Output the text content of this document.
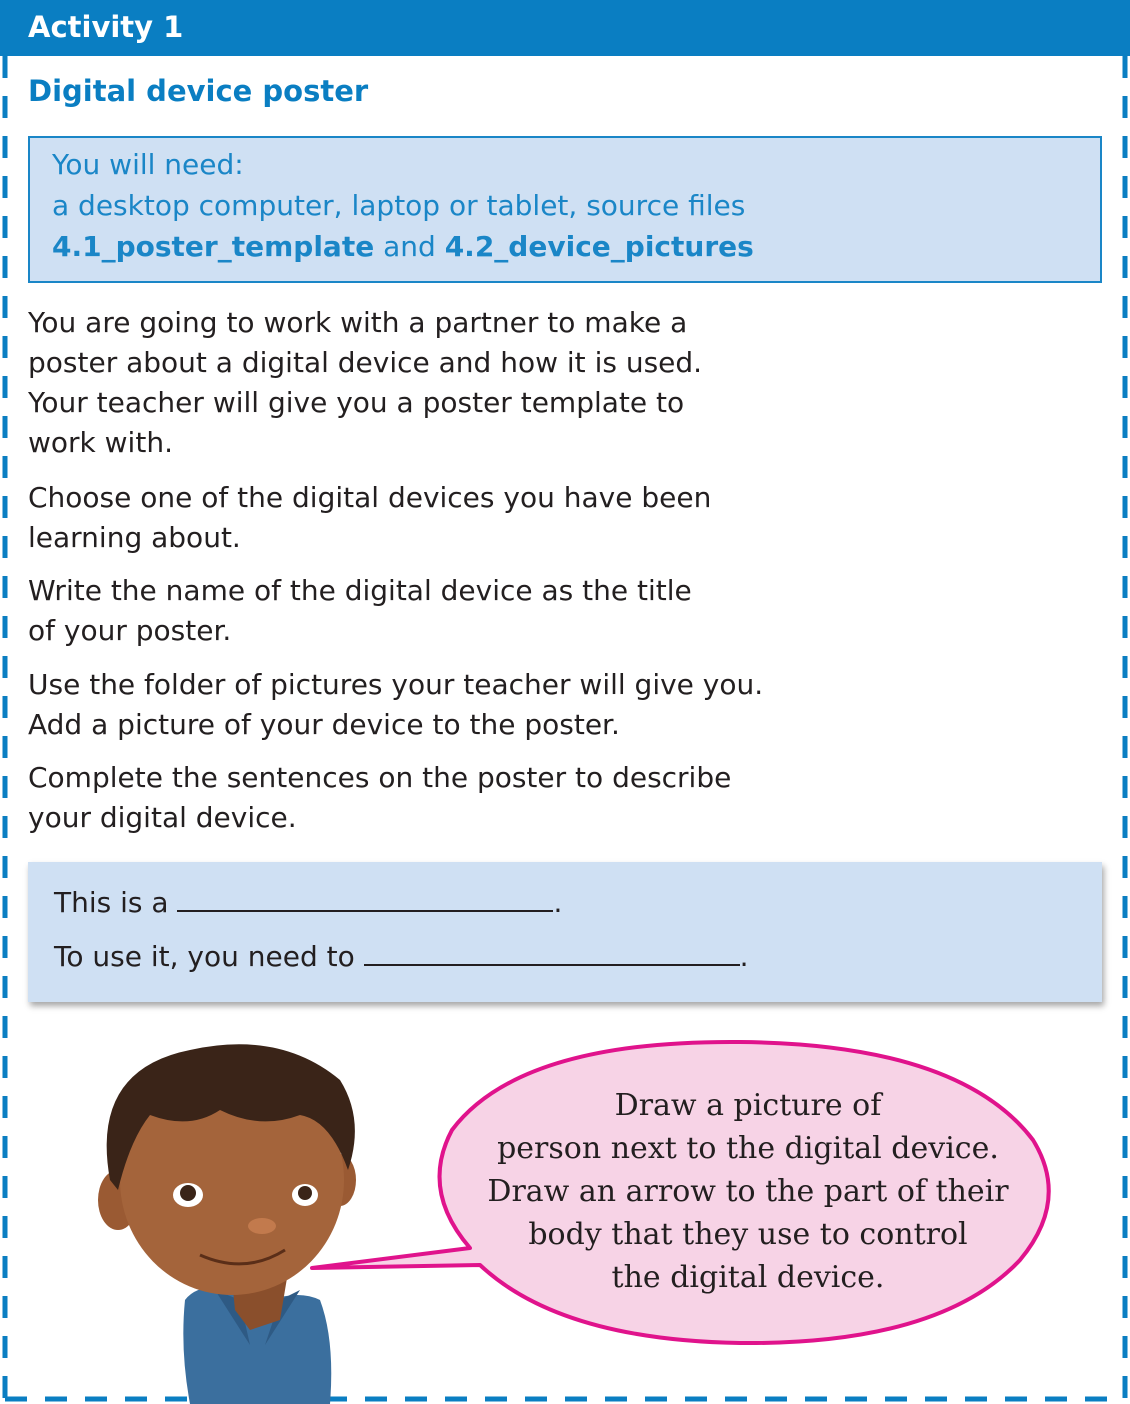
Activity 1
Digital device poster
You will need:
a desktop computer, laptop or tablet, source files
4.1_poster_template and 4.2_device_pictures
You are going to work with a partner to make a
poster about a digital device and how it is used.
Your teacher will give you a poster template to
work with.
Choose one of the digital devices you have been
learning about.
Write the name of the digital device as the title
of your poster.
Use the folder of pictures your teacher will give you.
Add a picture of your device to the poster.
Complete the sentences on the poster to describe
your digital device.
This is a	.
To use it, you need to	.
Draw a picture of
person next to the digital device.
Draw an arrow to the part of their
body that they use to control
the digital device.
